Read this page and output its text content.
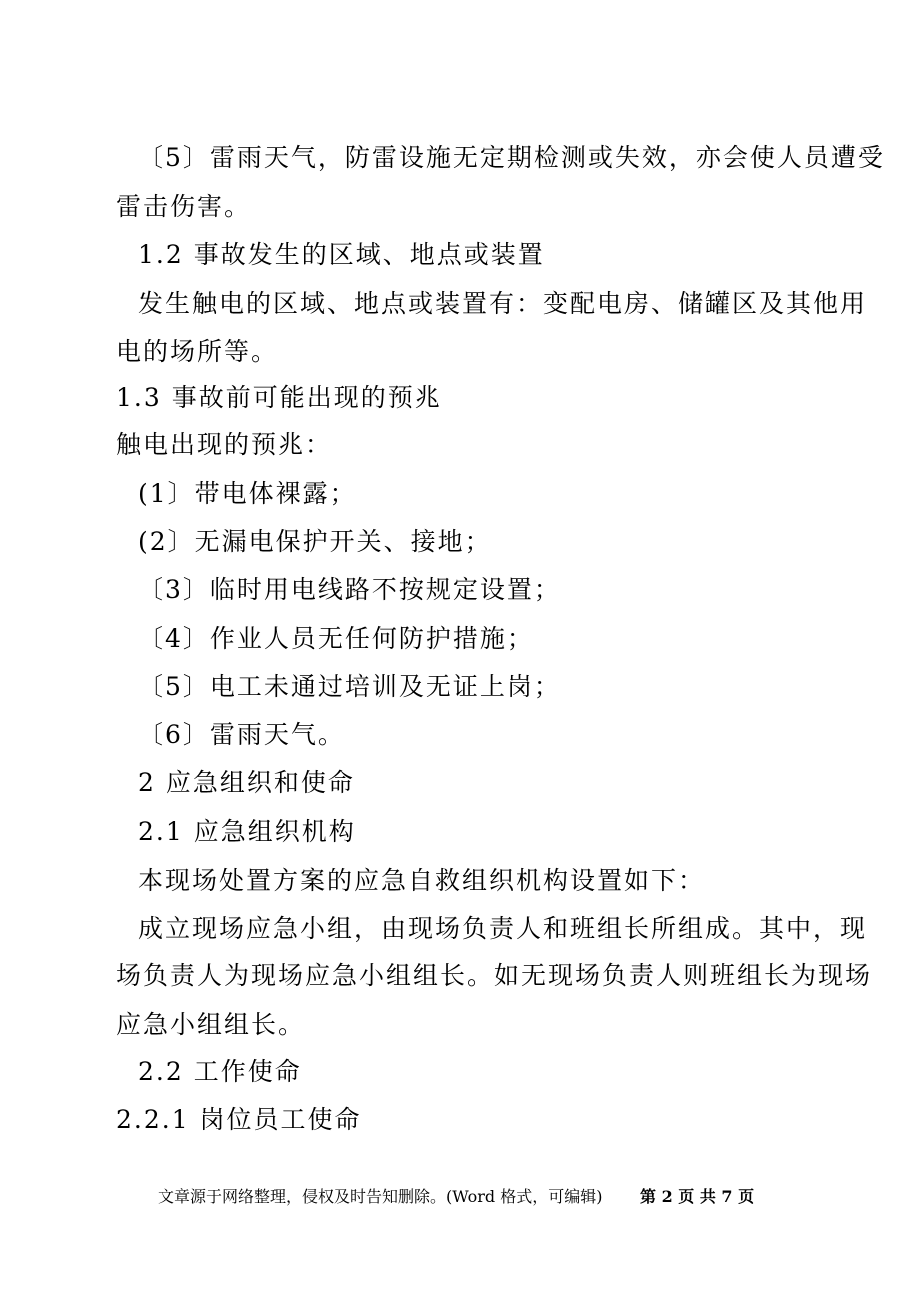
〔5〕雷雨天气，防雷设施无定期检测或失效，亦会使人员遭受
雷击伤害。
1.2 事故发生的区域、地点或装置
发生触电的区域、地点或装置有：变配电房、储罐区及其他用
电的场所等。
1.3 事故前可能出现的预兆
触电出现的预兆：
(1〕带电体裸露；
(2〕无漏电保护开关、接地；
〔3〕临时用电线路不按规定设置；
〔4〕作业人员无任何防护措施；
〔5〕电工未通过培训及无证上岗；
〔6〕雷雨天气。
2 应急组织和使命
2.1 应急组织机构
本现场处置方案的应急自救组织机构设置如下：
成立现场应急小组，由现场负责人和班组长所组成。其中，现
场负责人为现场应急小组组长。如无现场负责人则班组长为现场
应急小组组长。
2.2 工作使命
2.2.1 岗位员工使命
文章源于网络整理，侵权及时告知删除。(Word 格式，可编辑) 第 2 页 共 7 页
